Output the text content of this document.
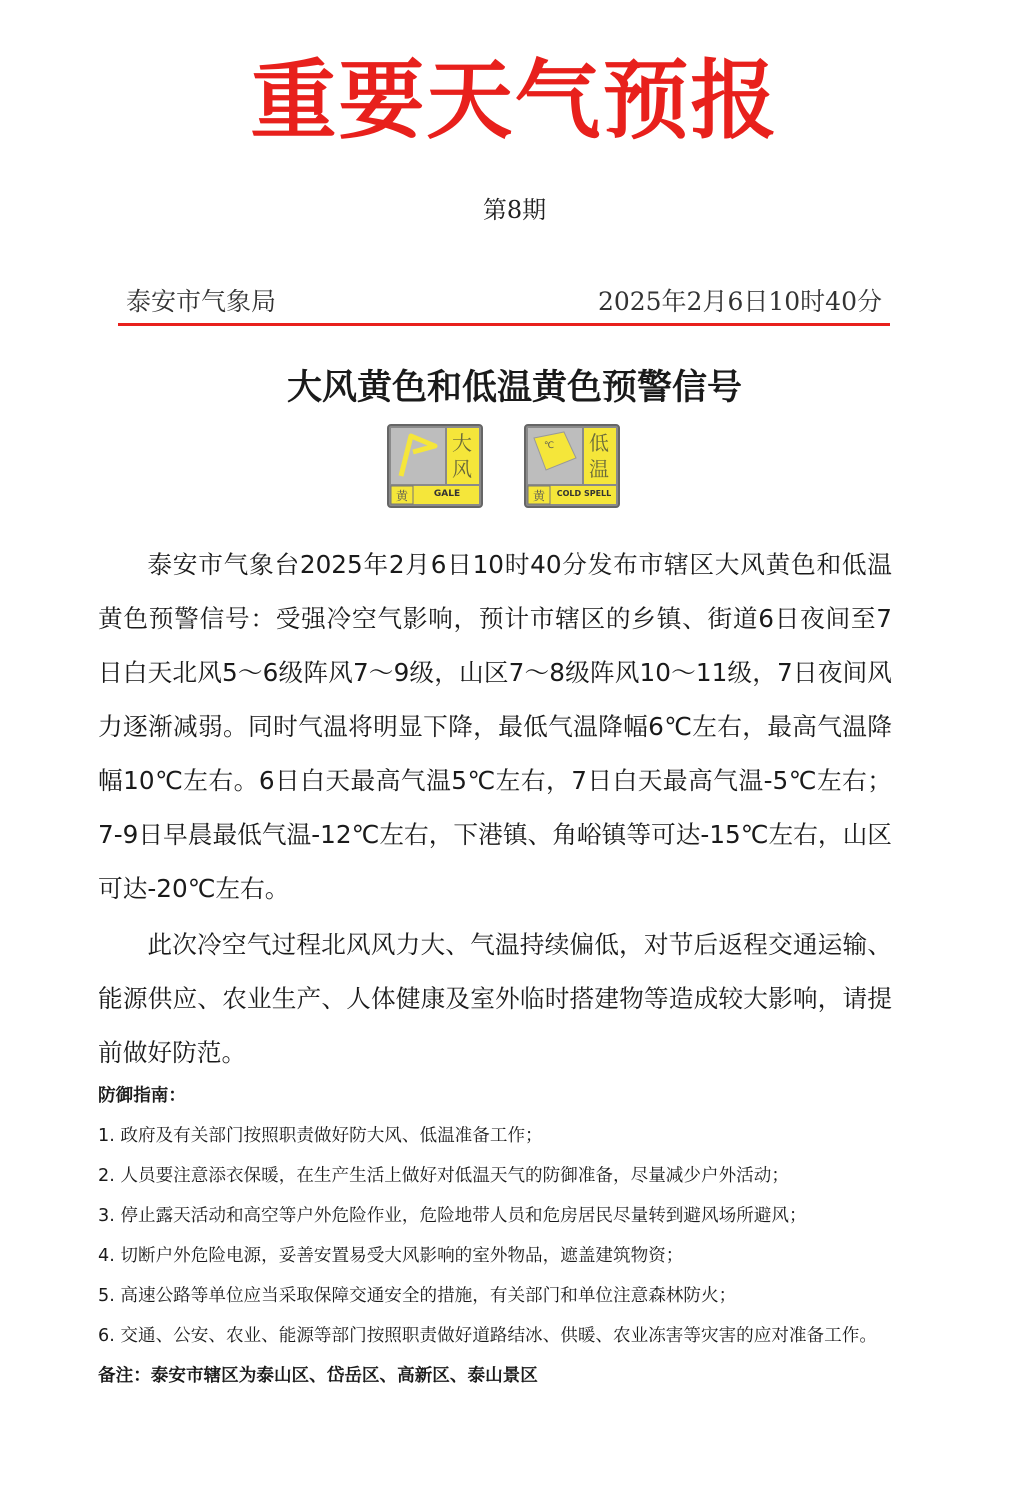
重要天气预报
第8期
泰安市气象局	2025年2月6日10时40分
大风黄色和低温黄色预警信号
黄
大风
GALE
℃
黄
低温
COLD SPELL
泰安市气象台2025年2月6日10时40分发布市辖区大风黄色和低温黄色预警信号：受强冷空气影响，预计市辖区的乡镇、街道6日夜间至7日白天北风5～6级阵风7～9级，山区7～8级阵风10～11级，7日夜间风力逐渐减弱。同时气温将明显下降，最低气温降幅6℃左右，最高气温降幅10℃左右。6日白天最高气温5℃左右，7日白天最高气温-5℃左右；7-9日早晨最低气温-12℃左右，下港镇、角峪镇等可达-15℃左右，山区可达-20℃左右。
此次冷空气过程北风风力大、气温持续偏低，对节后返程交通运输、能源供应、农业生产、人体健康及室外临时搭建物等造成较大影响，请提前做好防范。
防御指南：
1. 政府及有关部门按照职责做好防大风、低温准备工作；
2. 人员要注意添衣保暖，在生产生活上做好对低温天气的防御准备，尽量减少户外活动；
3. 停止露天活动和高空等户外危险作业，危险地带人员和危房居民尽量转到避风场所避风；
4. 切断户外危险电源，妥善安置易受大风影响的室外物品，遮盖建筑物资；
5. 高速公路等单位应当采取保障交通安全的措施，有关部门和单位注意森林防火；
6. 交通、公安、农业、能源等部门按照职责做好道路结冰、供暖、农业冻害等灾害的应对准备工作。
备注：泰安市辖区为泰山区、岱岳区、高新区、泰山景区
